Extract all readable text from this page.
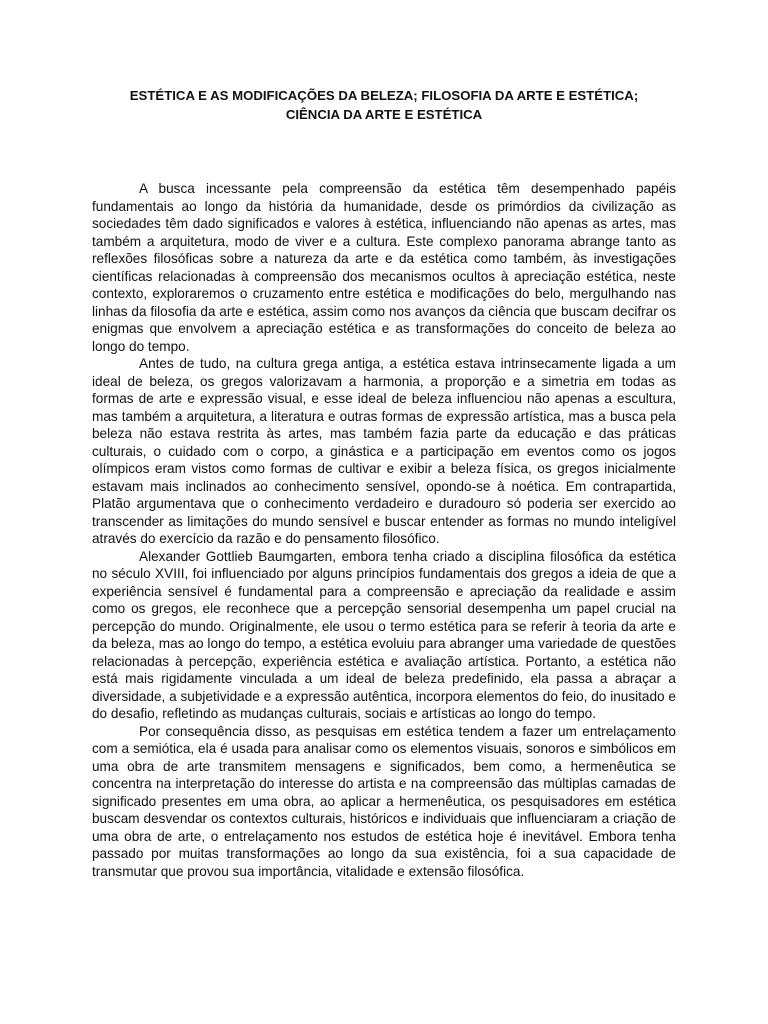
ESTÉTICA E AS MODIFICAÇÕES DA BELEZA; FILOSOFIA DA ARTE E ESTÉTICA;
CIÊNCIA DA ARTE E ESTÉTICA

A busca incessante pela compreensão da estética têm desempenhado papéis fundamentais ao longo da história da humanidade, desde os primórdios da civilização as sociedades têm dado significados e valores à estética, influenciando não apenas as artes, mas também a arquitetura, modo de viver e a cultura. Este complexo panorama abrange tanto as reflexões filosóficas sobre a natureza da arte e da estética como também, às investigações científicas relacionadas à compreensão dos mecanismos ocultos à apreciação estética, neste contexto, exploraremos o cruzamento entre estética e modificações do belo, mergulhando nas linhas da filosofia da arte e estética, assim como nos avanços da ciência que buscam decifrar os enigmas que envolvem a apreciação estética e as transformações do conceito de beleza ao longo do tempo.

Antes de tudo, na cultura grega antiga, a estética estava intrinsecamente ligada a um ideal de beleza, os gregos valorizavam a harmonia, a proporção e a simetria em todas as formas de arte e expressão visual, e esse ideal de beleza influenciou não apenas a escultura, mas também a arquitetura, a literatura e outras formas de expressão artística, mas a busca pela beleza não estava restrita às artes, mas também fazia parte da educação e das práticas culturais, o cuidado com o corpo, a ginástica e a participação em eventos como os jogos olímpicos eram vistos como formas de cultivar e exibir a beleza física, os gregos inicialmente estavam mais inclinados ao conhecimento sensível, opondo-se à noética. Em contrapartida, Platão argumentava que o conhecimento verdadeiro e duradouro só poderia ser exercido ao transcender as limitações do mundo sensível e buscar entender as formas no mundo inteligível através do exercício da razão e do pensamento filosófico.

Alexander Gottlieb Baumgarten, embora tenha criado a disciplina filosófica da estética no século XVIII, foi influenciado por alguns princípios fundamentais dos gregos a ideia de que a experiência sensível é fundamental para a compreensão e apreciação da realidade e assim como os gregos, ele reconhece que a percepção sensorial desempenha um papel crucial na percepção do mundo. Originalmente, ele usou o termo estética para se referir à teoria da arte e da beleza, mas ao longo do tempo, a estética evoluiu para abranger uma variedade de questões relacionadas à percepção, experiência estética e avaliação artística. Portanto, a estética não está mais rigidamente vinculada a um ideal de beleza predefinido, ela passa a abraçar a diversidade, a subjetividade e a expressão autêntica, incorpora elementos do feio, do inusitado e do desafio, refletindo as mudanças culturais, sociais e artísticas ao longo do tempo.

Por consequência disso, as pesquisas em estética tendem a fazer um entrelaçamento com a semiótica, ela é usada para analisar como os elementos visuais, sonoros e simbólicos em uma obra de arte transmitem mensagens e significados, bem como, a hermenêutica se concentra na interpretação do interesse do artista e na compreensão das múltiplas camadas de significado presentes em uma obra, ao aplicar a hermenêutica, os pesquisadores em estética buscam desvendar os contextos culturais, históricos e individuais que influenciaram a criação de uma obra de arte, o entrelaçamento nos estudos de estética hoje é inevitável. Embora tenha passado por muitas transformações ao longo da sua existência, foi a sua capacidade de transmutar que provou sua importância, vitalidade e extensão filosófica.
